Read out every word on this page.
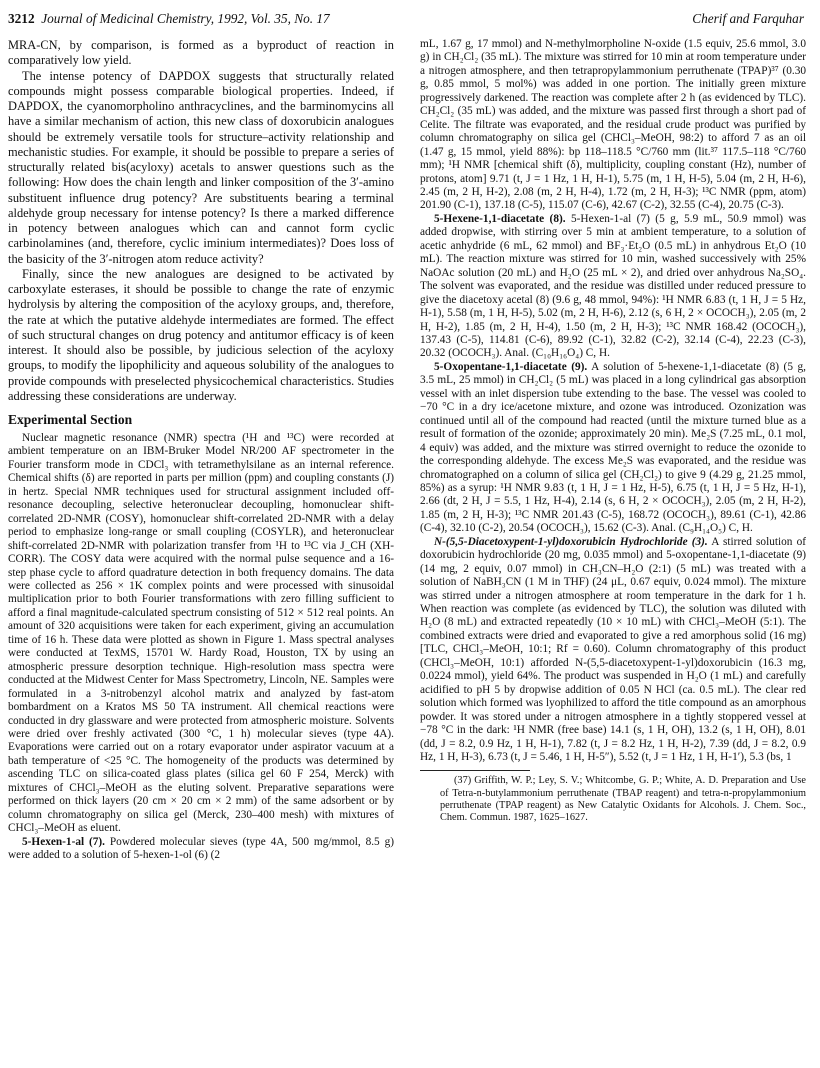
3212 Journal of Medicinal Chemistry, 1992, Vol. 35, No. 17	Cherif and Farquhar

MRA-CN, by comparison, is formed as a byproduct of reaction in comparatively low yield.

The intense potency of DAPDOX suggests that structurally related compounds might possess comparable biological properties. Indeed, if DAPDOX, the cyanomorpholino anthracyclines, and the barminomycins all have a similar mechanism of action, this new class of doxorubicin analogues should be extremely versatile tools for structure–activity relationship and mechanistic studies. For example, it should be possible to prepare a series of structurally related bis(acyloxy) acetals to answer questions such as the following: How does the chain length and linker composition of the 3′-amino substituent influence drug potency? Are substituents bearing a terminal aldehyde group necessary for intense potency? Is there a marked difference in potency between analogues which can and cannot form cyclic carbinolamines (and, therefore, cyclic iminium intermediates)? Does loss of the basicity of the 3′-nitrogen atom reduce activity?

Finally, since the new analogues are designed to be activated by carboxylate esterases, it should be possible to change the rate of enzymic hydrolysis by altering the composition of the acyloxy groups, and, therefore, the rate at which the putative aldehyde intermediates are formed. The effect of such structural changes on drug potency and antitumor efficacy is of keen interest. It should also be possible, by judicious selection of the acyloxy groups, to modify the lipophilicity and aqueous solubility of the analogues to provide compounds with preselected physicochemical characteristics. Studies addressing these considerations are underway.

Experimental Section

Nuclear magnetic resonance (NMR) spectra (¹H and ¹³C) were recorded at ambient temperature on an IBM-Bruker Model NR/200 AF spectrometer in the Fourier transform mode in CDCl₃ with tetramethylsilane as an internal reference. Chemical shifts (δ) are reported in parts per million (ppm) and coupling constants (J) in hertz. Special NMR techniques used for structural assignment included off-resonance decoupling, selective heteronuclear decoupling, homonuclear shift-correlated 2D-NMR (COSY), homonuclear shift-correlated 2D-NMR with a delay period to emphasize long-range or small coupling (COSYLR), and heteronuclear shift-correlated 2D-NMR with polarization transfer from ¹H to ¹³C via J_CH (XH-CORR). The COSY data were acquired with the normal pulse sequence and a 16-step phase cycle to afford quadrature detection in both frequency domains. The data were collected as 256 × 1K complex points and were processed with sinusoidal multiplication prior to both Fourier transformations with zero filling sufficient to afford a final magnitude-calculated spectrum consisting of 512 × 512 real points. An amount of 320 acquisitions were taken for each experiment, giving an accumulation time of 16 h. These data were plotted as shown in Figure 1. Mass spectral analyses were conducted at TexMS, 15701 W. Hardy Road, Houston, TX by using an atmospheric pressure desorption technique. High-resolution mass spectra were conducted at the Midwest Center for Mass Spectrometry, Lincoln, NE. Samples were formulated in a 3-nitrobenzyl alcohol matrix and analyzed by fast-atom bombardment on a Kratos MS 50 TA instrument. All chemical reactions were conducted in dry glassware and were protected from atmospheric moisture. Solvents were dried over freshly activated (300 °C, 1 h) molecular sieves (type 4A). Evaporations were carried out on a rotary evaporator under aspirator vacuum at a bath temperature of <25 °C. The homogeneity of the products was determined by ascending TLC on silica-coated glass plates (silica gel 60 F 254, Merck) with mixtures of CHCl₃–MeOH as the eluting solvent. Preparative separations were performed on thick layers (20 cm × 20 cm × 2 mm) of the same adsorbent or by column chromatography on silica gel (Merck, 230–400 mesh) with mixtures of CHCl₃–MeOH as eluent.

5-Hexen-1-al (7). Powdered molecular sieves (type 4A, 500 mg/mmol, 8.5 g) were added to a solution of 5-hexen-1-ol (6) (2

mL, 1.67 g, 17 mmol) and N-methylmorpholine N-oxide (1.5 equiv, 25.6 mmol, 3.0 g) in CH₂Cl₂ (35 mL). The mixture was stirred for 10 min at room temperature under a nitrogen atmosphere, and then tetrapropylammonium perruthenate (TPAP)³⁷ (0.30 g, 0.85 mmol, 5 mol%) was added in one portion. The initially green mixture progressively darkened. The reaction was complete after 2 h (as evidenced by TLC). CH₂Cl₂ (35 mL) was added, and the mixture was passed first through a short pad of Celite. The filtrate was evaporated, and the residual crude product was purified by column chromatography on silica gel (CHCl₃–MeOH, 98:2) to afford 7 as an oil (1.47 g, 15 mmol, yield 88%): bp 118–118.5 °C/760 mm (lit.³⁷ 117.5–118 °C/760 mm); ¹H NMR [chemical shift (δ), multiplicity, coupling constant (Hz), number of protons, atom] 9.71 (t, J = 1 Hz, 1 H, H-1), 5.75 (m, 1 H, H-5), 5.04 (m, 2 H, H-6), 2.45 (m, 2 H, H-2), 2.08 (m, 2 H, H-4), 1.72 (m, 2 H, H-3); ¹³C NMR (ppm, atom) 201.90 (C-1), 137.18 (C-5), 115.07 (C-6), 42.67 (C-2), 32.55 (C-4), 20.75 (C-3).

5-Hexene-1,1-diacetate (8). 5-Hexen-1-al (7) (5 g, 5.9 mL, 50.9 mmol) was added dropwise, with stirring over 5 min at ambient temperature, to a solution of acetic anhydride (6 mL, 62 mmol) and BF₃·Et₂O (0.5 mL) in anhydrous Et₂O (10 mL). The reaction mixture was stirred for 10 min, washed successively with 25% NaOAc solution (20 mL) and H₂O (25 mL × 2), and dried over anhydrous Na₂SO₄. The solvent was evaporated, and the residue was distilled under reduced pressure to give the diacetoxy acetal (8) (9.6 g, 48 mmol, 94%): ¹H NMR 6.83 (t, 1 H, J = 5 Hz, H-1), 5.58 (m, 1 H, H-5), 5.02 (m, 2 H, H-6), 2.12 (s, 6 H, 2 × OCOCH₃), 2.05 (m, 2 H, H-2), 1.85 (m, 2 H, H-4), 1.50 (m, 2 H, H-3); ¹³C NMR 168.42 (OCOCH₃), 137.43 (C-5), 114.81 (C-6), 89.92 (C-1), 32.82 (C-2), 32.14 (C-4), 22.23 (C-3), 20.32 (OCOCH₃). Anal. (C₁₀H₁₆O₄) C, H.

5-Oxopentane-1,1-diacetate (9). A solution of 5-hexene-1,1-diacetate (8) (5 g, 3.5 mL, 25 mmol) in CH₂Cl₂ (5 mL) was placed in a long cylindrical gas absorption vessel with an inlet dispersion tube extending to the base. The vessel was cooled to −70 °C in a dry ice/acetone mixture, and ozone was introduced. Ozonization was continued until all of the compound had reacted (until the mixture turned blue as a result of formation of the ozonide; approximately 20 min). Me₂S (7.25 mL, 0.1 mol, 4 equiv) was added, and the mixture was stirred overnight to reduce the ozonide to the corresponding aldehyde. The excess Me₂S was evaporated, and the residue was chromatographed on a column of silica gel (CH₂Cl₂) to give 9 (4.29 g, 21.25 mmol, 85%) as a syrup: ¹H NMR 9.83 (t, 1 H, J = 1 Hz, H-5), 6.75 (t, 1 H, J = 5 Hz, H-1), 2.66 (dt, 2 H, J = 5.5, 1 Hz, H-4), 2.14 (s, 6 H, 2 × OCOCH₃), 2.05 (m, 2 H, H-2), 1.85 (m, 2 H, H-3); ¹³C NMR 201.43 (C-5), 168.72 (OCOCH₃), 89.61 (C-1), 42.86 (C-4), 32.10 (C-2), 20.54 (OCOCH₃), 15.62 (C-3). Anal. (C₉H₁₄O₅) C, H.

N-(5,5-Diacetoxypent-1-yl)doxorubicin Hydrochloride (3). A stirred solution of doxorubicin hydrochloride (20 mg, 0.035 mmol) and 5-oxopentane-1,1-diacetate (9) (14 mg, 2 equiv, 0.07 mmol) in CH₃CN–H₂O (2:1) (5 mL) was treated with a solution of NaBH₃CN (1 M in THF) (24 μL, 0.67 equiv, 0.024 mmol). The mixture was stirred under a nitrogen atmosphere at room temperature in the dark for 1 h. When reaction was complete (as evidenced by TLC), the solution was diluted with H₂O (8 mL) and extracted repeatedly (10 × 10 mL) with CHCl₃–MeOH (5:1). The combined extracts were dried and evaporated to give a red amorphous solid (16 mg) [TLC, CHCl₃–MeOH, 10:1; Rf = 0.60). Column chromatography of this product (CHCl₃–MeOH, 10:1) afforded N-(5,5-diacetoxypent-1-yl)doxorubicin (16.3 mg, 0.0224 mmol), yield 64%. The product was suspended in H₂O (1 mL) and carefully acidified to pH 5 by dropwise addition of 0.05 N HCl (ca. 0.5 mL). The clear red solution which formed was lyophilized to afford the title compound as an amorphous powder. It was stored under a nitrogen atmosphere in a tightly stoppered vessel at −78 °C in the dark: ¹H NMR (free base) 14.1 (s, 1 H, OH), 13.2 (s, 1 H, OH), 8.01 (dd, J = 8.2, 0.9 Hz, 1 H, H-1), 7.82 (t, J = 8.2 Hz, 1 H, H-2), 7.39 (dd, J = 8.2, 0.9 Hz, 1 H, H-3), 6.73 (t, J = 5.46, 1 H, H-5″), 5.52 (t, J = 1 Hz, 1 H, H-1′), 5.3 (bs, 1

(37) Griffith, W. P.; Ley, S. V.; Whitcombe, G. P.; White, A. D. Preparation and Use of Tetra-n-butylammonium perruthenate (TBAP reagent) and tetra-n-propylammonium perruthenate (TPAP reagent) as New Catalytic Oxidants for Alcohols. J. Chem. Soc., Chem. Commun. 1987, 1625–1627.
